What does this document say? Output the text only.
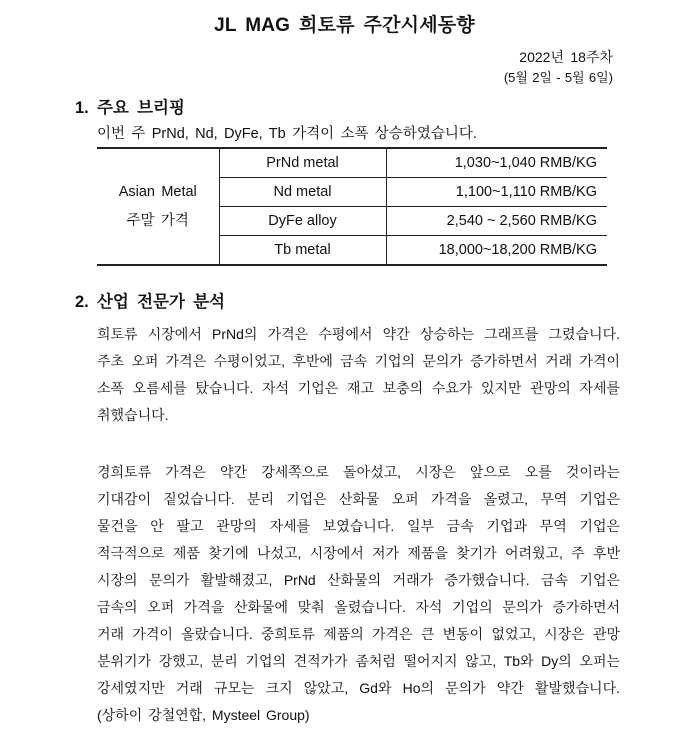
JL MAG 희토류 주간시세동향
2022년 18주차
(5월 2일 - 5월 6일)
1. 주요 브리핑
이번 주 PrNd, Nd, DyFe, Tb 가격이 소폭 상승하였습니다.
Asian Metal
주말 가격	PrNd metal	1,030~1,040 RMB/KG
	Nd metal	1,100~1,110 RMB/KG
	DyFe alloy	2,540 ~ 2,560 RMB/KG
	Tb metal	18,000~18,200 RMB/KG
2. 산업 전문가 분석
희토류 시장에서 PrNd의 가격은 수평에서 약간 상승하는 그래프를 그렸습니다.
주초 오퍼 가격은 수평이었고, 후반에 금속 기업의 문의가 증가하면서 거래 가격이
소폭 오름세를 탔습니다. 자석 기업은 재고 보충의 수요가 있지만 관망의 자세를
취했습니다.
경희토류 가격은 약간 강세쪽으로 돌아섰고, 시장은 앞으로 오를 것이라는
기대감이 짙었습니다. 분리 기업은 산화물 오퍼 가격을 올렸고, 무역 기업은
물건을 안 팔고 관망의 자세를 보였습니다. 일부 금속 기업과 무역 기업은
적극적으로 제품 찾기에 나섰고, 시장에서 저가 제품을 찾기가 어려웠고, 주 후반
시장의 문의가 활발해졌고, PrNd 산화물의 거래가 증가했습니다. 금속 기업은
금속의 오퍼 가격을 산화물에 맞춰 올렸습니다. 자석 기업의 문의가 증가하면서
거래 가격이 올랐습니다. 중희토류 제품의 가격은 큰 변동이 없었고, 시장은 관망
분위기가 강했고, 분리 기업의 견적가가 좀처럼 떨어지지 않고, Tb와 Dy의 오퍼는
강세였지만 거래 규모는 크지 않았고, Gd와 Ho의 문의가 약간 활발했습니다.
(상하이 강철연합, Mysteel Group)
